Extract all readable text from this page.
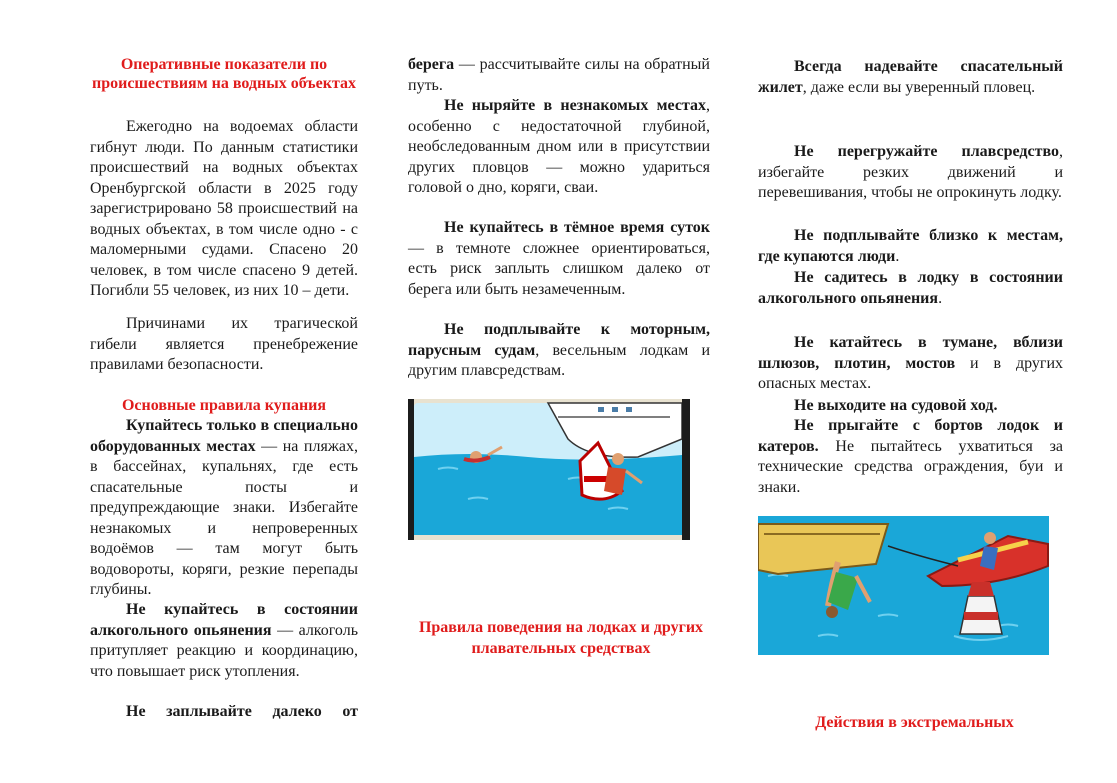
Оперативные показатели по происшествиям на водных объектах

Ежегодно на водоемах области гибнут люди. По данным статистики происшествий на водных объектах Оренбургской области в 2025 году зарегистрировано 58 происшествий на водных объектах, в том числе одно - с маломерными судами. Спасено 20 человек, в том числе спасено 9 детей. Погибли 55 человек, из них 10 – дети.

Причинами их трагической гибели является пренебрежение правилами безопасности.

Основные правила купания

Купайтесь только в специально оборудованных местах — на пляжах, в бассейнах, купальнях, где есть спасательные посты и предупреждающие знаки. Избегайте незнакомых и непроверенных водоёмов — там могут быть водовороты, коряги, резкие перепады глубины.

Не купайтесь в состоянии алкогольного опьянения — алкоголь притупляет реакцию и координацию, что повышает риск утопления.

Не заплывайте далеко от

берега — рассчитывайте силы на обратный путь.

Не ныряйте в незнакомых местах, особенно с недостаточной глубиной, необследованным дном или в присутствии других пловцов — можно удариться головой о дно, коряги, сваи.

Не купайтесь в тёмное время суток — в темноте сложнее ориентироваться, есть риск заплыть слишком далеко от берега или быть незамеченным.

Не подплывайте к моторным, парусным судам, весельным лодкам и другим плавсредствам.

Правила поведения на лодках и других плавательных средствах

Всегда надевайте спасательный жилет, даже если вы уверенный пловец.

Не перегружайте плавсредство, избегайте резких движений и перевешивания, чтобы не опрокинуть лодку.

Не подплывайте близко к местам, где купаются люди.

Не садитесь в лодку в состоянии алкогольного опьянения.

Не катайтесь в тумане, вблизи шлюзов, плотин, мостов и в других опасных местах.

Не выходите на судовой ход.

Не прыгайте с бортов лодок и катеров. Не пытайтесь ухватиться за технические средства ограждения, буи и знаки.

Действия в экстремальных
